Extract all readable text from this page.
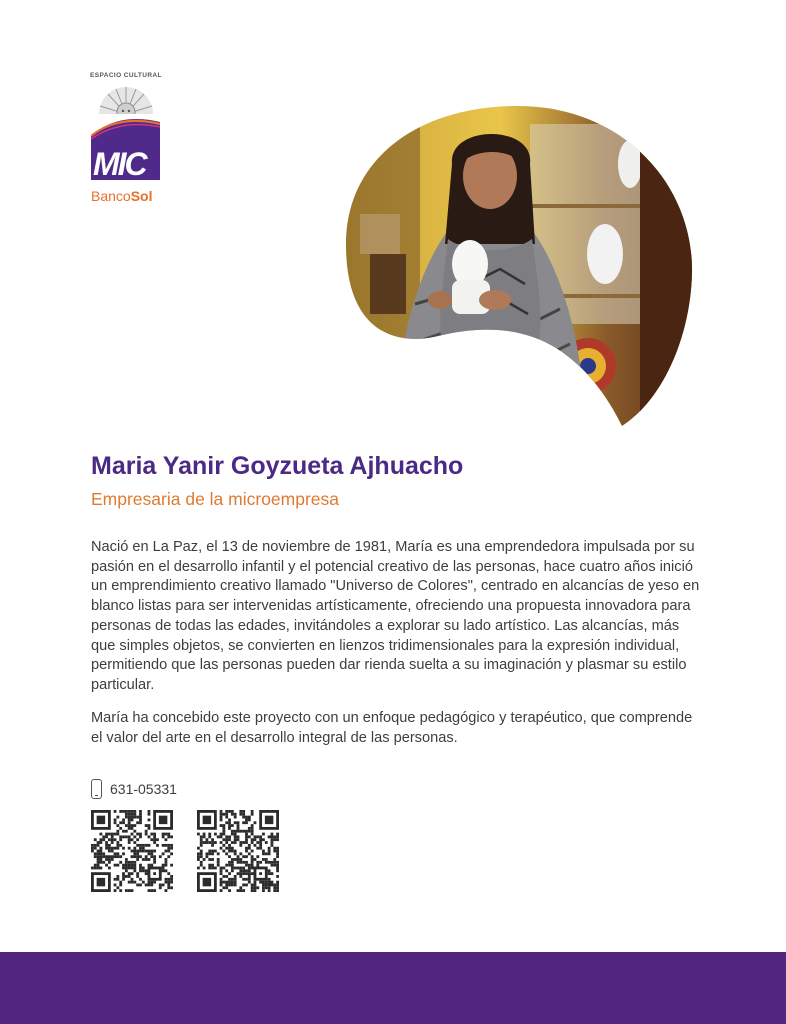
ESPACIO CULTURAL
MIC
BancoSol
Maria Yanir Goyzueta Ajhuacho
Empresaria de la microempresa

Nació en La Paz, el 13 de noviembre de 1981, María es una emprendedora impulsada por su pasión en el desarrollo infantil y el potencial creativo de las personas, hace cuatro años inició un emprendimiento creativo llamado "Universo de Colores", centrado en alcancías de yeso en blanco listas para ser intervenidas artísticamente, ofreciendo una propuesta innovadora para personas de todas las edades, invitándoles a explorar su lado artístico. Las alcancías, más que simples objetos, se convierten en lienzos tridimensionales para la expresión individual, permitiendo que las personas pueden dar rienda suelta a su imaginación y plasmar su estilo particular.

María ha concebido este proyecto con un enfoque pedagógico y terapéutico, que comprende el valor del arte en el desarrollo integral de las personas.

631-05331
